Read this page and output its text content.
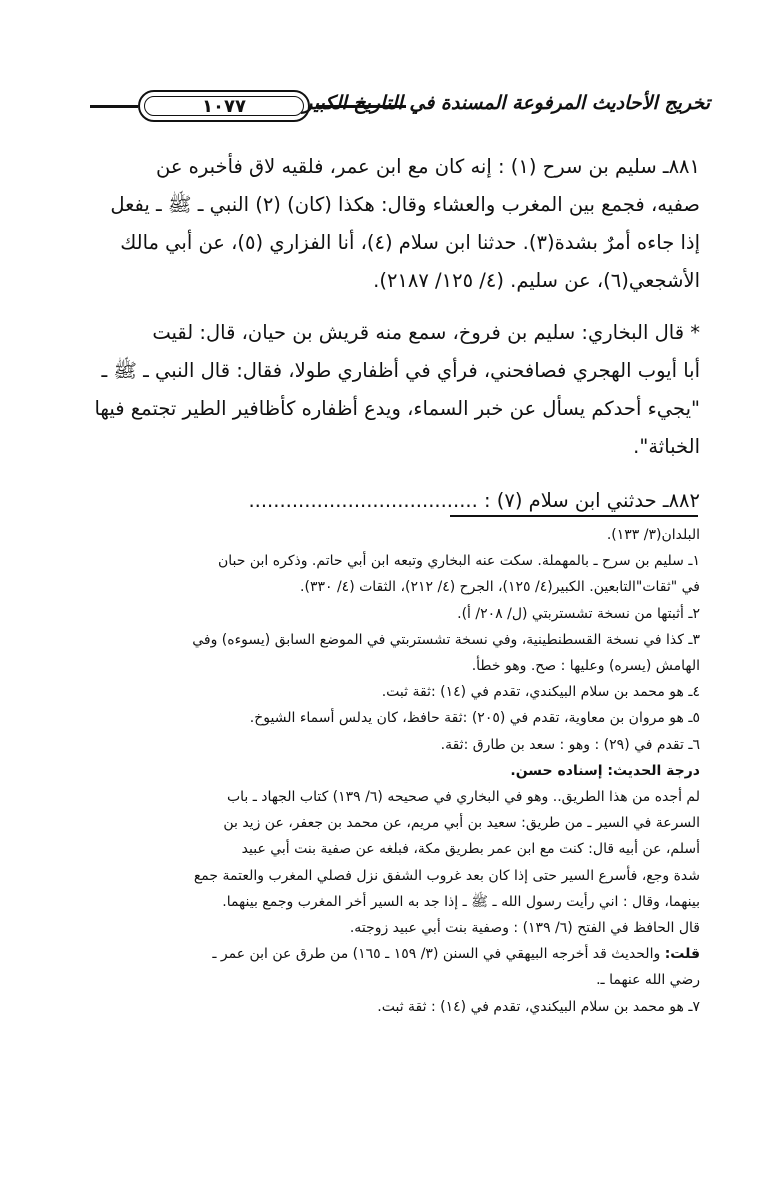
تخريج الأحاديث المرفوعة المسندة في التاريخ الكبير
١٠٧٧

٨٨١ـ سليم بن سرح (١) : إنه كان مع ابن عمر، فلقيه لاق فأخبره عن

صفيه، فجمع بين المغرب والعشاء وقال: هكذا (كان) (٢) النبي ـ ﷺ ـ يفعل

إذا جاءه أمرٌ بشدة(٣). حدثنا ابن سلام (٤)، أنا الفزاري (٥)، عن أبي مالك

الأشجعي(٦)، عن سليم. (٤/ ١٢٥/ ٢١٨٧).

* قال البخاري: سليم بن فروخ، سمع منه قريش بن حيان، قال: لقيت

أبا أيوب الهجري فصافحني، فرأي في أظفاري طولا، فقال: قال النبي ـ ﷺ ـ

"يجيء أحدكم يسأل عن خبر السماء، ويدع أظفاره كأظافير الطير تجتمع فيها

الخباثة".

٨٨٢ـ حدثني ابن سلام (٧) : .....................................

البلدان(٣/ ١٣٣).

١ـ سليم بن سرح ـ بالمهملة. سكت عنه البخاري وتبعه ابن أبي حاتم. وذكره ابن حبان

في "ثقات"التابعين. الكبير(٤/ ١٢٥)، الجرح (٤/ ٢١٢)، الثقات (٤/ ٣٣٠).

٢ـ أثبتها من نسخة تشستربتي (ل/ ٢٠٨/ أ).

٣ـ كذا في نسخة القسطنطينية، وفي نسخة تشستربتي في الموضع السابق (يسوءه) وفي

الهامش (يسره) وعليها : صح. وهو خطأ.

٤ـ هو محمد بن سلام البيكندي، تقدم في (١٤) :ثقة ثبت.

٥ـ هو مروان بن معاوية، تقدم في (٢٠٥) :ثقة حافظ، كان يدلس أسماء الشيوخ.

٦ـ تقدم في (٢٩) : وهو : سعد بن طارق :ثقة.

درجة الحديث: إسناده حسن.

لم أجده من هذا الطريق.. وهو في البخاري في صحيحه (٦/ ١٣٩) كتاب الجهاد ـ باب

السرعة في السير ـ من طريق: سعيد بن أبي مريم، عن محمد بن جعفر، عن زيد بن

أسلم، عن أبيه قال: كنت مع ابن عمر بطريق مكة، فبلغه عن صفية بنت أبي عبيد

شدة وجع، فأسرع السير حتى إذا كان بعد غروب الشفق نزل فصلي المغرب والعتمة جمع

بينهما، وقال : اني رأيت رسول الله ـ ﷺ ـ إذا جد به السير أخر المغرب وجمع بينهما.

قال الحافظ في الفتح (٦/ ١٣٩) : وصفية بنت أبي عبيد زوجته.

قلت: والحديث قد أخرجه البيهقي في السنن (٣/ ١٥٩ ـ ١٦٥) من طرق عن ابن عمر ـ

رضي الله عنهما ـ.

٧ـ هو محمد بن سلام البيكندي، تقدم في (١٤) : ثقة ثبت.
